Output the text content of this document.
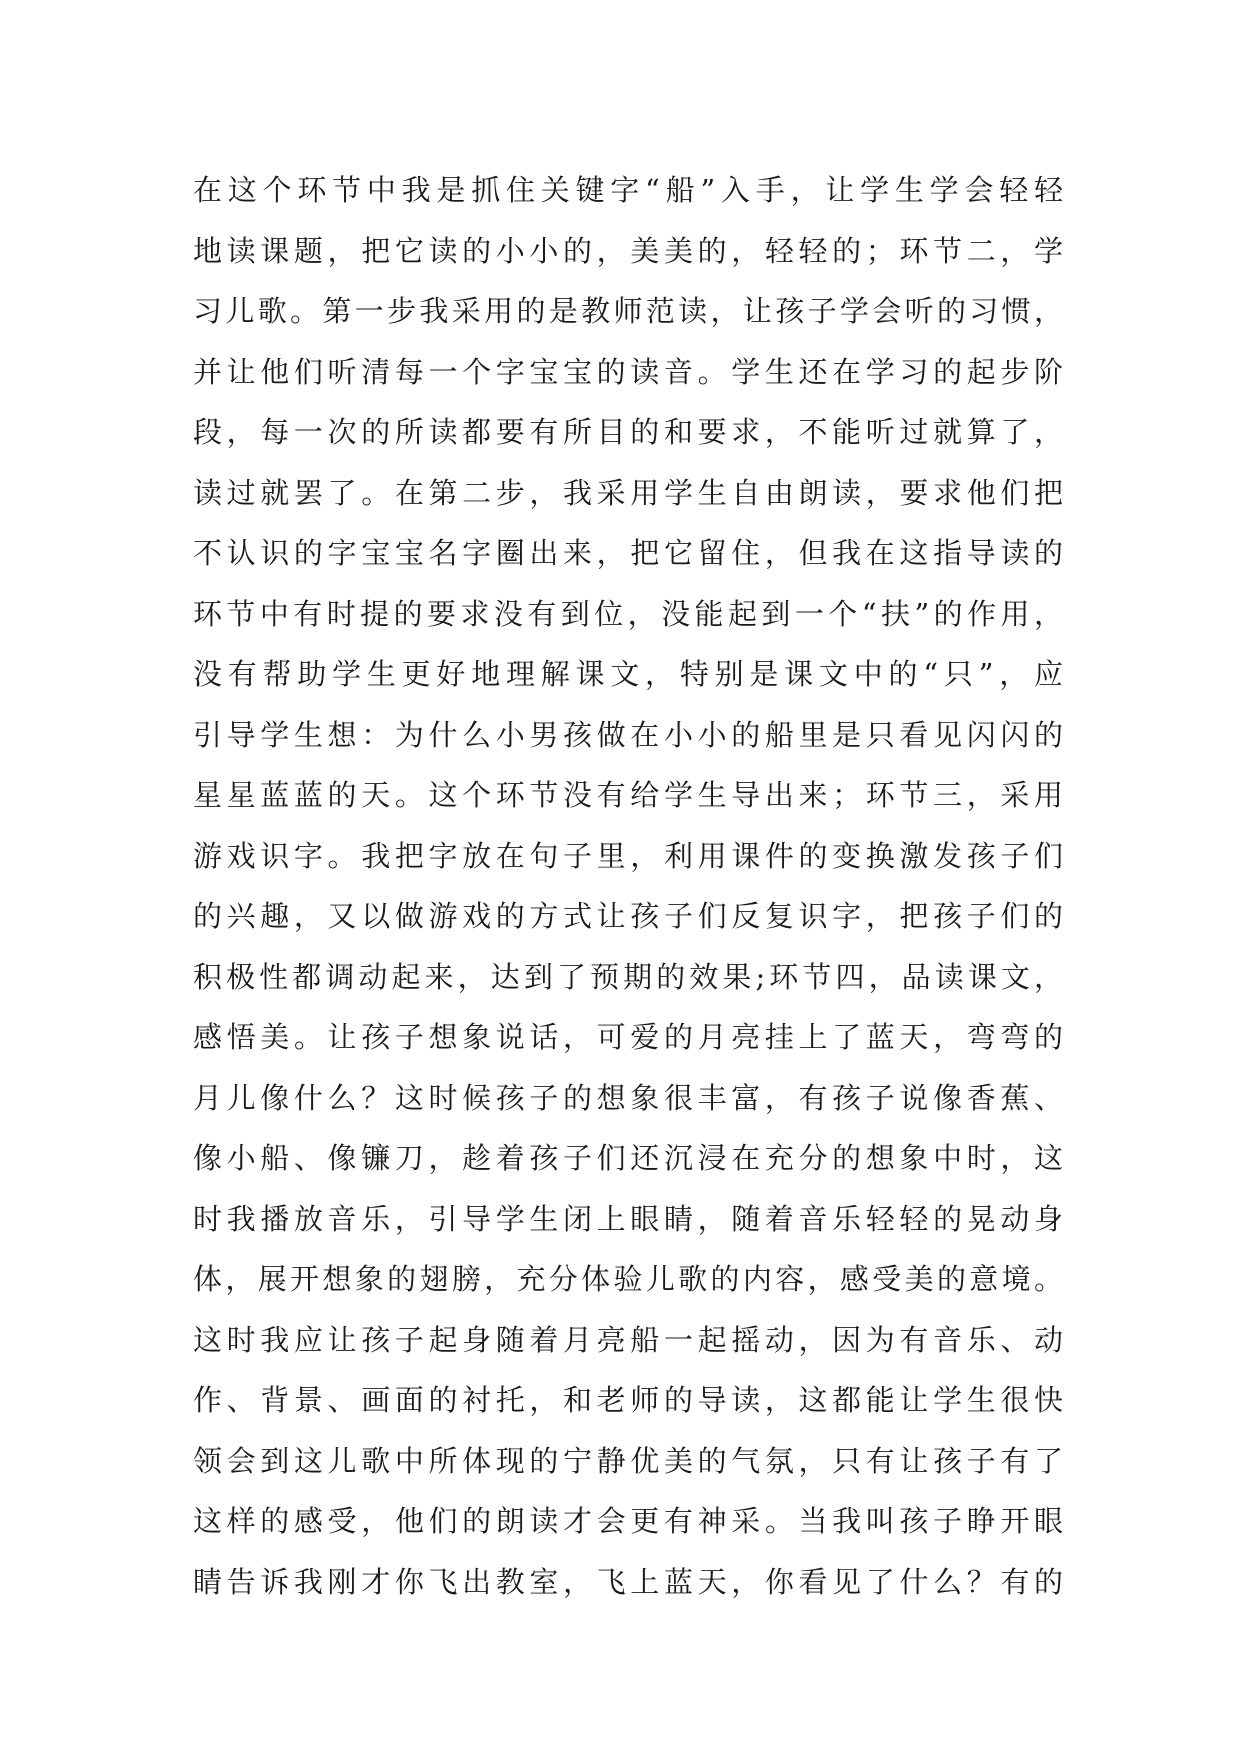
在这个环节中我是抓住关键字“船”入手，让学生学会轻轻
地读课题，把它读的小小的，美美的，轻轻的；环节二，学
习儿歌。第一步我采用的是教师范读，让孩子学会听的习惯，
并让他们听清每一个字宝宝的读音。学生还在学习的起步阶
段，每一次的所读都要有所目的和要求，不能听过就算了，
读过就罢了。在第二步，我采用学生自由朗读，要求他们把
不认识的字宝宝名字圈出来，把它留住，但我在这指导读的
环节中有时提的要求没有到位，没能起到一个“扶”的作用，
没有帮助学生更好地理解课文，特别是课文中的“只”，应
引导学生想：为什么小男孩做在小小的船里是只看见闪闪的
星星蓝蓝的天。这个环节没有给学生导出来；环节三，采用
游戏识字。我把字放在句子里，利用课件的变换激发孩子们
的兴趣，又以做游戏的方式让孩子们反复识字，把孩子们的
积极性都调动起来，达到了预期的效果;环节四，品读课文，
感悟美。让孩子想象说话，可爱的月亮挂上了蓝天，弯弯的
月儿像什么？这时候孩子的想象很丰富，有孩子说像香蕉、
像小船、像镰刀，趁着孩子们还沉浸在充分的想象中时，这
时我播放音乐，引导学生闭上眼睛，随着音乐轻轻的晃动身
体，展开想象的翅膀，充分体验儿歌的内容，感受美的意境。
这时我应让孩子起身随着月亮船一起摇动，因为有音乐、动
作、背景、画面的衬托，和老师的导读，这都能让学生很快
领会到这儿歌中所体现的宁静优美的气氛，只有让孩子有了
这样的感受，他们的朗读才会更有神采。当我叫孩子睁开眼
睛告诉我刚才你飞出教室，飞上蓝天，你看见了什么？有的
